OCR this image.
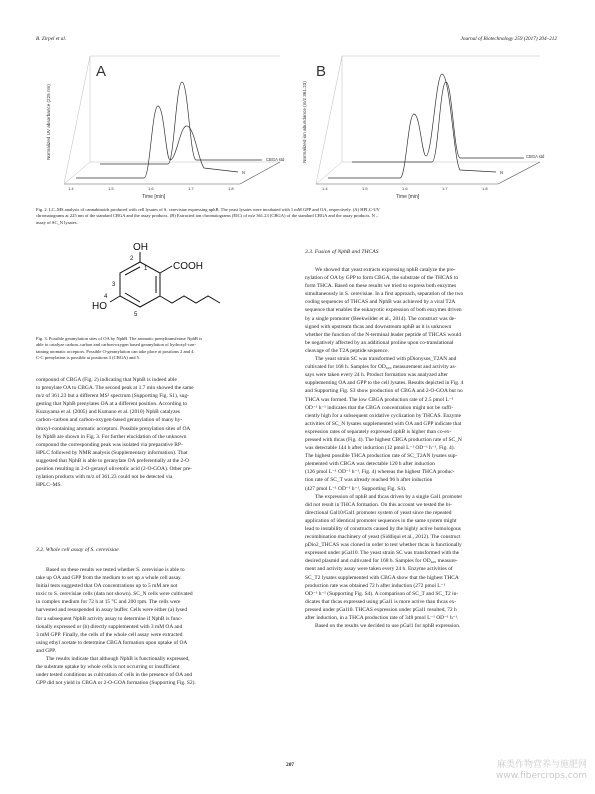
B. Zirpel et al.	Journal of Biotechnology 259 (2017) 204–212
A
Normalized UV absorbance (225 nm)	CBGA std
N
1.4	1.5	1.6	1.7	1.8
Time [min]
B
Normalized ion abundance (m/z 361.23)	CBGA std
N
1.4	1.5	1.6	1.7	1.8
Time [min]
Fig. 2. LC–MS analysis of cannabinoids produced with cell lysates of S. cerevisiae expressing nphB. The yeast lysates were incubated with 1 mM GPP and OA, respectively. (A) HPLC-UV
chromatograms at 225 nm of the standard CBGA and the assay products. (B) Extracted ion chromatograms (EIC) of m/z 361.23 (CBGA) of the standard CBGA and the assay products. N –
assay of SC_N lysates.
OH
COOH
HO
1
2
3
4
5
Fig. 3. Possible geranylation sites of OA by NphB. The aromatic prenyltransferase NphB is
able to catalyze carbon–carbon and carbon-oxygen based geranylation of hydroxyl-con-
taining aromatic acceptors. Possible O-geranylation can take place at positions 2 and 4.
C-C prenylation is possible at positions 3 (CBGA) and 5.
compound of CBGA (Fig. 2) indicating that NphB is indeed able
to prenylate OA to CBGA. The second peak at 1.7 min showed the same
m/z of 361.23 but a different MS² spectrum (Supporting Fig. S1), sug-
gesting that NphB prenylates OA at a different position. According to
Kuzuyama et al. (2005) and Kumano et al. (2010) NphB catalyzes
carbon–carbon and carbon-oxygen-based geranylation of many hy-
droxyl-containing aromatic acceptors. Possible prenylation sites of OA
by NphB are shown in Fig. 3. For further elucidation of the unknown
compound the corresponding peak was isolated via preparative RP-
HPLC followed by NMR analysis (Supplementary information). That
suggested that NphB is able to geranylate OA preferentially at the 2-O
position resulting in 2-O-geranyl olivetolic acid (2-O-GOA). Other pre-
nylation products with m/z of 361.23 could not be detected via
HPLC–MS.
3.2. Whole cell assay of S. cerevisiae
Based on these results we tested whether S. cerevisiae is able to
take up OA and GPP from the medium to set up a whole cell assay.
Initial tests suggested that OA concentrations up to 5 mM are not
toxic to S. cerevisiae cells (data not shown). SC_N cells were cultivated
in complex medium for 72 h at 15 °C and 200 rpm. The cells were
harvested and resuspended in assay buffer. Cells were either (a) lysed
for a subsequent NphB activity assay to determine if NphB is func-
tionally expressed or (b) directly supplemented with 3 mM OA and
3 mM GPP. Finally, the cells of the whole cell assay were extracted
using ethyl acetate to determine CBGA formation upon uptake of OA
and GPP.
The results indicate that although NphB is functionally expressed,
the substrate uptake by whole cells is not occurring or insufficient
under tested conditions as cultivation of cells in the presence of OA and
GPP did not yield in CBGA or 2-O-GOA formation (Supporting Fig. S2).
3.3. Fusion of NphB and THCAS
We showed that yeast extracts expressing nphB catalyze the pre-
nylation of OA by GPP to form CBGA, the substrate of the THCAS to
form THCA. Based on these results we tried to express both enzymes
simultaneously in S. cerevisiae. In a first approach, separation of the two
coding sequences of THCAS and NphB was achieved by a viral T2A
sequence that enables the eukaryotic expression of both enzymes driven
by a single promoter (Beekwilder et al., 2014). The construct was de-
signed with upstream thcas and downstream nphB as it is unknown
whether the function of the N-terminal leader peptide of THCAS would
be negatively affected by an additional proline upon co-translational
cleavage of the T2A peptide sequence.
The yeast strain SC was transformed with pDionysos_T2AN and
cultivated for 168 h. Samples for OD₆₀₀ measurement and activity as-
says were taken every 24 h. Product formation was analyzed after
supplementing OA and GPP to the cell lysates. Results depicted in Fig. 4
and Supporting Fig. S3 show production of CBGA and 2-O-GOA but no
THCA was formed. The low CBGA production rate of 2.5 pmol L⁻¹
OD⁻¹ h⁻¹ indicates that the CBGA concentration might not be suffi-
ciently high for a subsequent oxidative cyclization by THCAS. Enzyme
activities of SC_N lysates supplemented with OA and GPP indicate that
expression rates of separately expressed nphB is higher than co-ex-
pressed with thcas (Fig. 4). The highest CBGA production rate of SC_N
was detectable 144 h after induction (12 pmol L⁻¹ OD⁻¹ h⁻¹, Fig. 4).
The highest possible THCA production rate of SC_T2AN lysates sup-
plemented with CBGA was detectable 120 h after induction
(126 pmol L⁻¹ OD⁻¹ h⁻¹, Fig. 4) whereas the highest THCA produc-
tion rate of SC_T was already reached 96 h after induction
(427 pmol L⁻¹ OD⁻¹ h⁻¹, Supporting Fig. S4).
The expression of nphB and thcas driven by a single Gal1 promoter
did not result in THCA formation. On this account we tested the bi-
directional Gal10/Gal1 promoter system of yeast since the repeated
application of identical promoter sequences in the same system might
lead to instability of constructs caused by the highly active homologous
recombination machinery of yeast (Siddiqui et al., 2012). The construct
pDio2_THCAS was cloned in order to test whether thcas is functionally
expressed under pGal10. The yeast strain SC was transformed with the
desired plasmid and cultivated for 168 h. Samples for OD₆₀₀ measure-
ment and activity assay were taken every 24 h. Enzyme activities of
SC_T2 lysates supplemented with CBGA show that the highest THCA
production rate was obtained 72 h after induction (272 pmol L⁻¹
OD⁻¹ h⁻¹ (Supporting Fig. S4). A comparison of SC_T and SC_T2 in-
dicates that thcas expressed using pGal1 is more active than thcas ex-
pressed under pGal10. THCAS expression under pGal1 resulted, 72 h
after induction, in a THCA production rate of 348 pmol L⁻¹ OD⁻¹ h⁻¹.
Based on the results we decided to use pGal1 for nphB expression.
207	麻类作物营养与施肥网
www.fibercrops.com
